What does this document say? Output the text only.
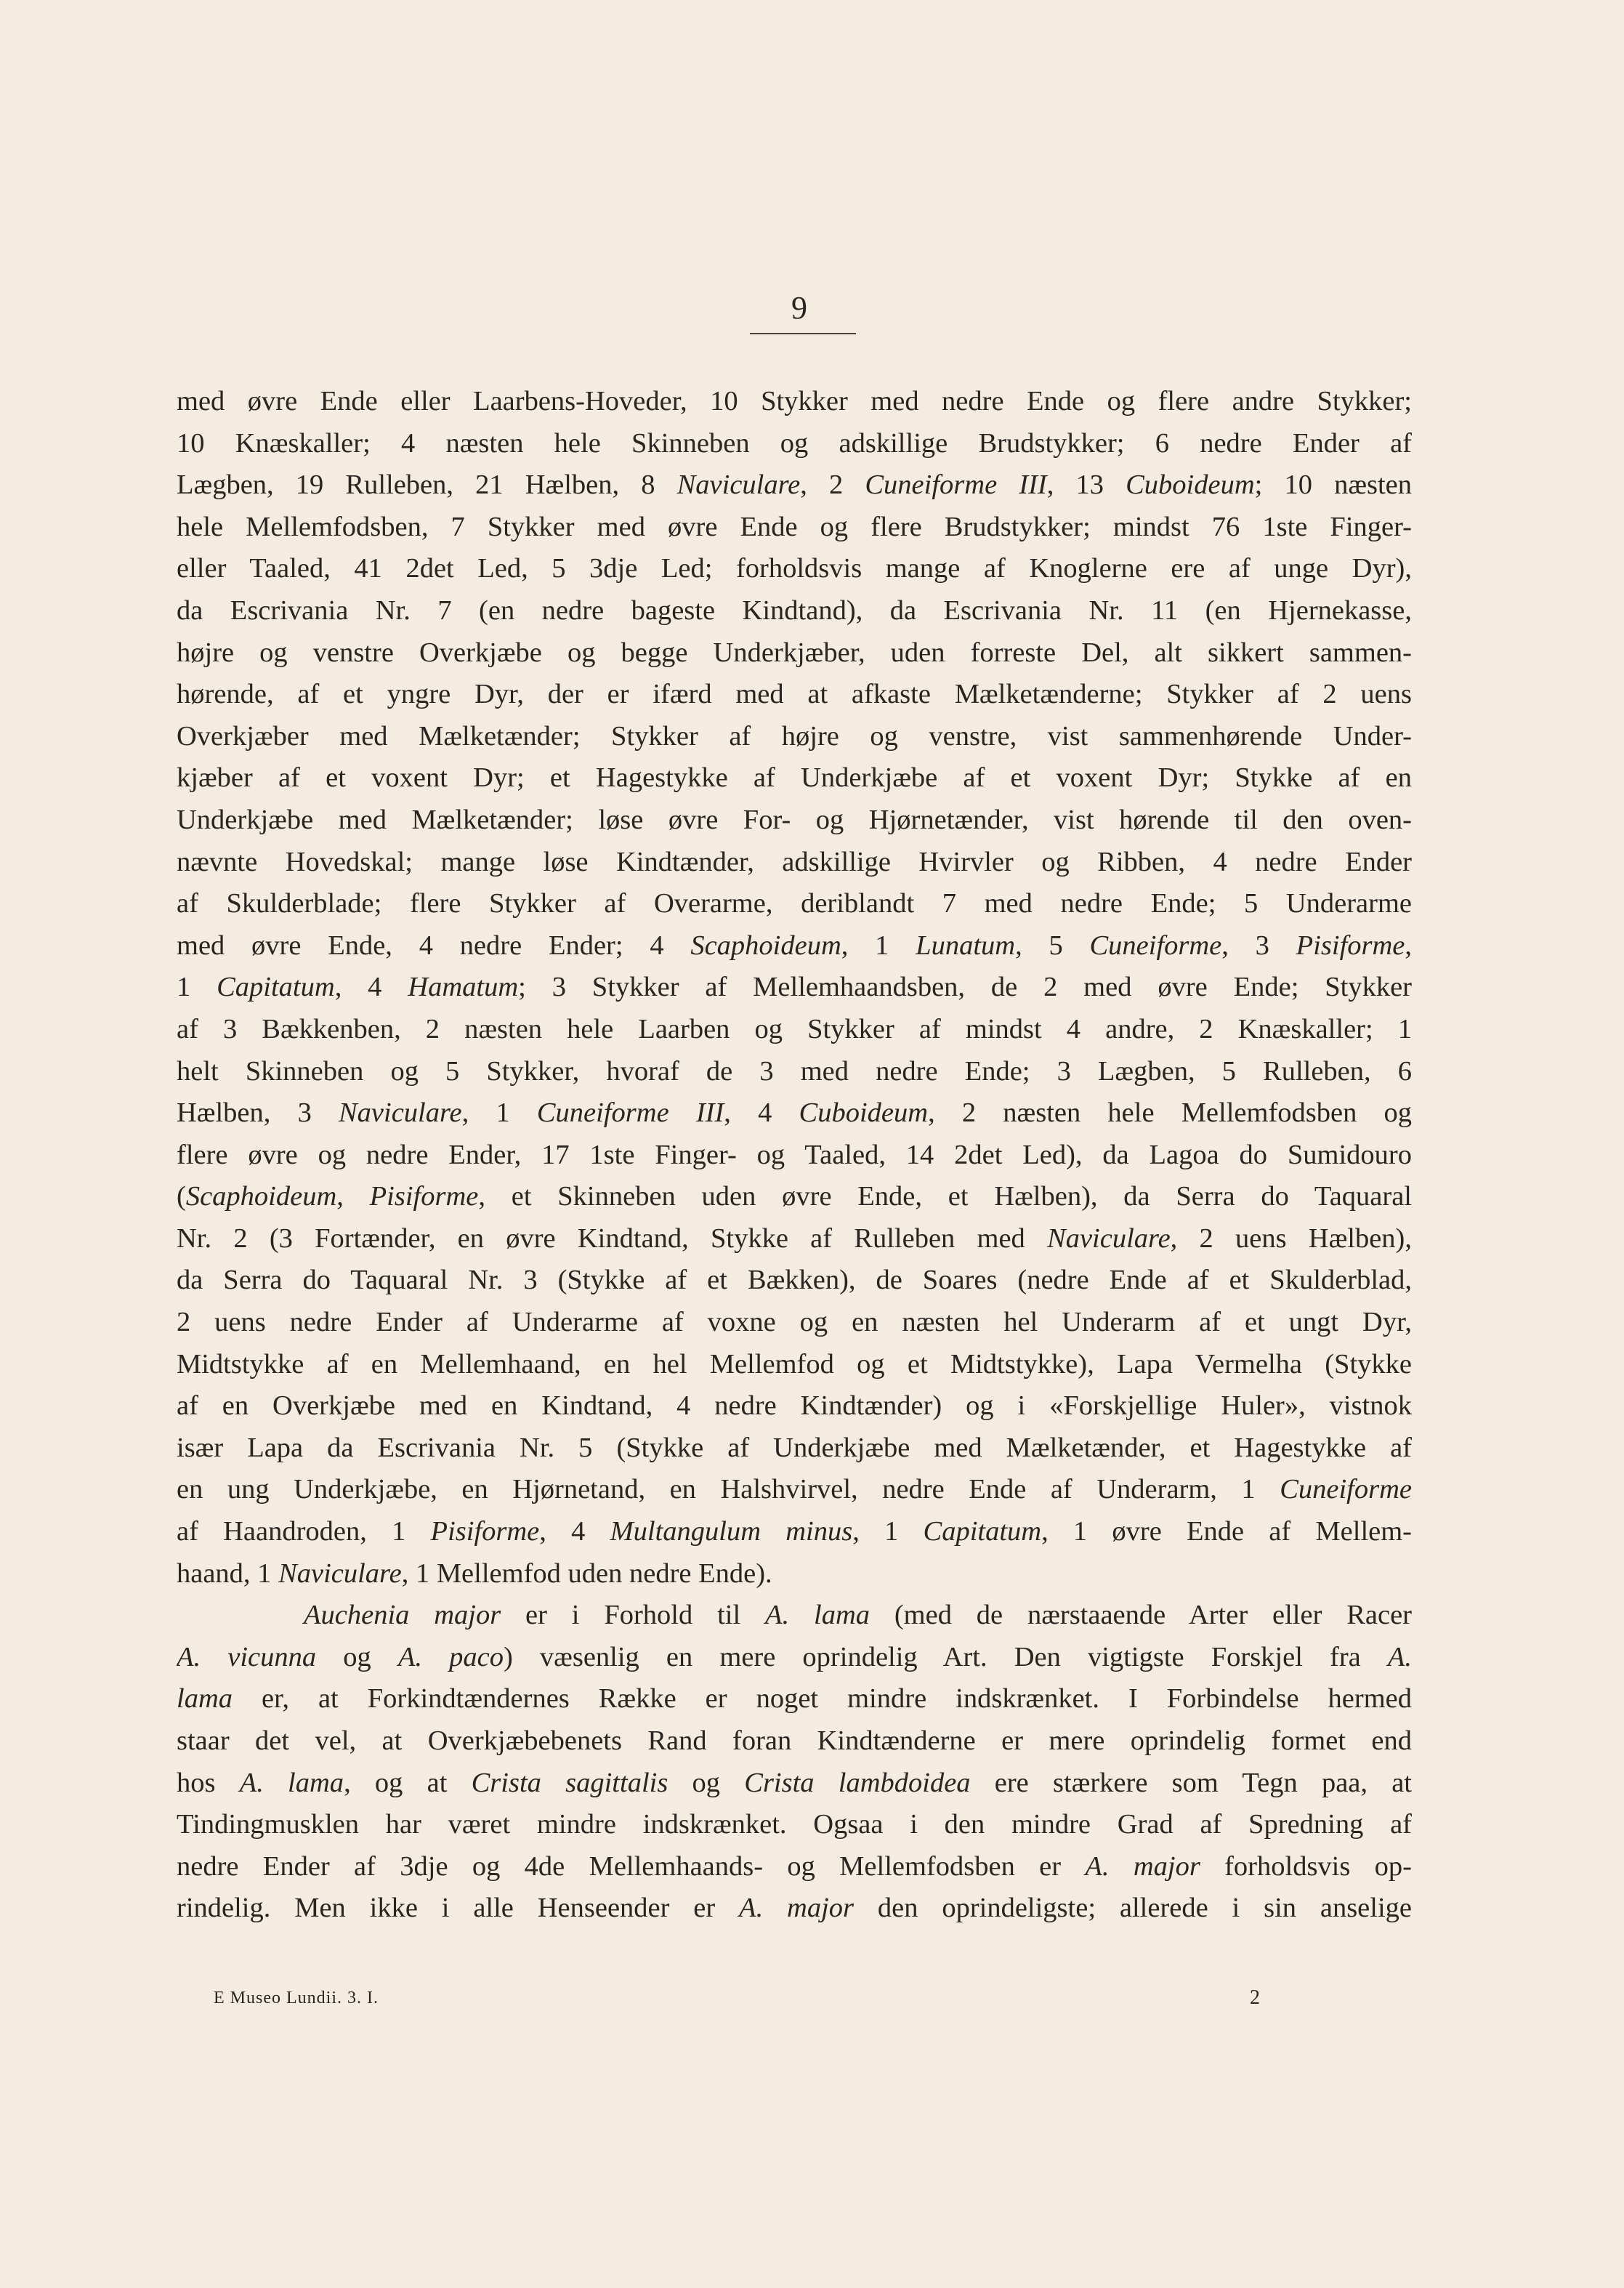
9
med øvre Ende eller Laarbens-Hoveder, 10 Stykker med nedre Ende og flere andre Stykker;
10 Knæskaller; 4 næsten hele Skinneben og adskillige Brudstykker; 6 nedre Ender af
Lægben, 19 Rulleben, 21 Hælben, 8 Naviculare, 2 Cuneiforme III, 13 Cuboideum; 10 næsten
hele Mellemfodsben, 7 Stykker med øvre Ende og flere Brudstykker; mindst 76 1ste Finger-
eller Taaled, 41 2det Led, 5 3dje Led; forholdsvis mange af Knoglerne ere af unge Dyr),
da Escrivania Nr. 7 (en nedre bageste Kindtand), da Escrivania Nr. 11 (en Hjernekasse,
højre og venstre Overkjæbe og begge Underkjæber, uden forreste Del, alt sikkert sammen-
hørende, af et yngre Dyr, der er ifærd med at afkaste Mælketænderne; Stykker af 2 uens
Overkjæber med Mælketænder; Stykker af højre og venstre, vist sammenhørende Under-
kjæber af et voxent Dyr; et Hagestykke af Underkjæbe af et voxent Dyr; Stykke af en
Underkjæbe med Mælketænder; løse øvre For- og Hjørnetænder, vist hørende til den oven-
nævnte Hovedskal; mange løse Kindtænder, adskillige Hvirvler og Ribben, 4 nedre Ender
af Skulderblade; flere Stykker af Overarme, deriblandt 7 med nedre Ende; 5 Underarme
med øvre Ende, 4 nedre Ender; 4 Scaphoideum, 1 Lunatum, 5 Cuneiforme, 3 Pisiforme,
1 Capitatum, 4 Hamatum; 3 Stykker af Mellemhaandsben, de 2 med øvre Ende; Stykker
af 3 Bækkenben, 2 næsten hele Laarben og Stykker af mindst 4 andre, 2 Knæskaller; 1
helt Skinneben og 5 Stykker, hvoraf de 3 med nedre Ende; 3 Lægben, 5 Rulleben, 6
Hælben, 3 Naviculare, 1 Cuneiforme III, 4 Cuboideum, 2 næsten hele Mellemfodsben og
flere øvre og nedre Ender, 17 1ste Finger- og Taaled, 14 2det Led), da Lagoa do Sumidouro
(Scaphoideum, Pisiforme, et Skinneben uden øvre Ende, et Hælben), da Serra do Taquaral
Nr. 2 (3 Fortænder, en øvre Kindtand, Stykke af Rulleben med Naviculare, 2 uens Hælben),
da Serra do Taquaral Nr. 3 (Stykke af et Bækken), de Soares (nedre Ende af et Skulderblad,
2 uens nedre Ender af Underarme af voxne og en næsten hel Underarm af et ungt Dyr,
Midtstykke af en Mellemhaand, en hel Mellemfod og et Midtstykke), Lapa Vermelha (Stykke
af en Overkjæbe med en Kindtand, 4 nedre Kindtænder) og i «Forskjellige Huler», vistnok
især Lapa da Escrivania Nr. 5 (Stykke af Underkjæbe med Mælketænder, et Hagestykke af
en ung Underkjæbe, en Hjørnetand, en Halshvirvel, nedre Ende af Underarm, 1 Cuneiforme
af Haandroden, 1 Pisiforme, 4 Multangulum minus, 1 Capitatum, 1 øvre Ende af Mellem-
haand, 1 Naviculare, 1 Mellemfod uden nedre Ende).
Auchenia major er i Forhold til A. lama (med de nærstaaende Arter eller Racer
A. vicunna og A. paco) væsenlig en mere oprindelig Art. Den vigtigste Forskjel fra A.
lama er, at Forkindtændernes Række er noget mindre indskrænket. I Forbindelse hermed
staar det vel, at Overkjæbebenets Rand foran Kindtænderne er mere oprindelig formet end
hos A. lama, og at Crista sagittalis og Crista lambdoidea ere stærkere som Tegn paa, at
Tindingmusklen har været mindre indskrænket. Ogsaa i den mindre Grad af Spredning af
nedre Ender af 3dje og 4de Mellemhaands- og Mellemfodsben er A. major forholdsvis op-
rindelig. Men ikke i alle Henseender er A. major den oprindeligste; allerede i sin anselige
E Museo Lundii. 3. I.	2
